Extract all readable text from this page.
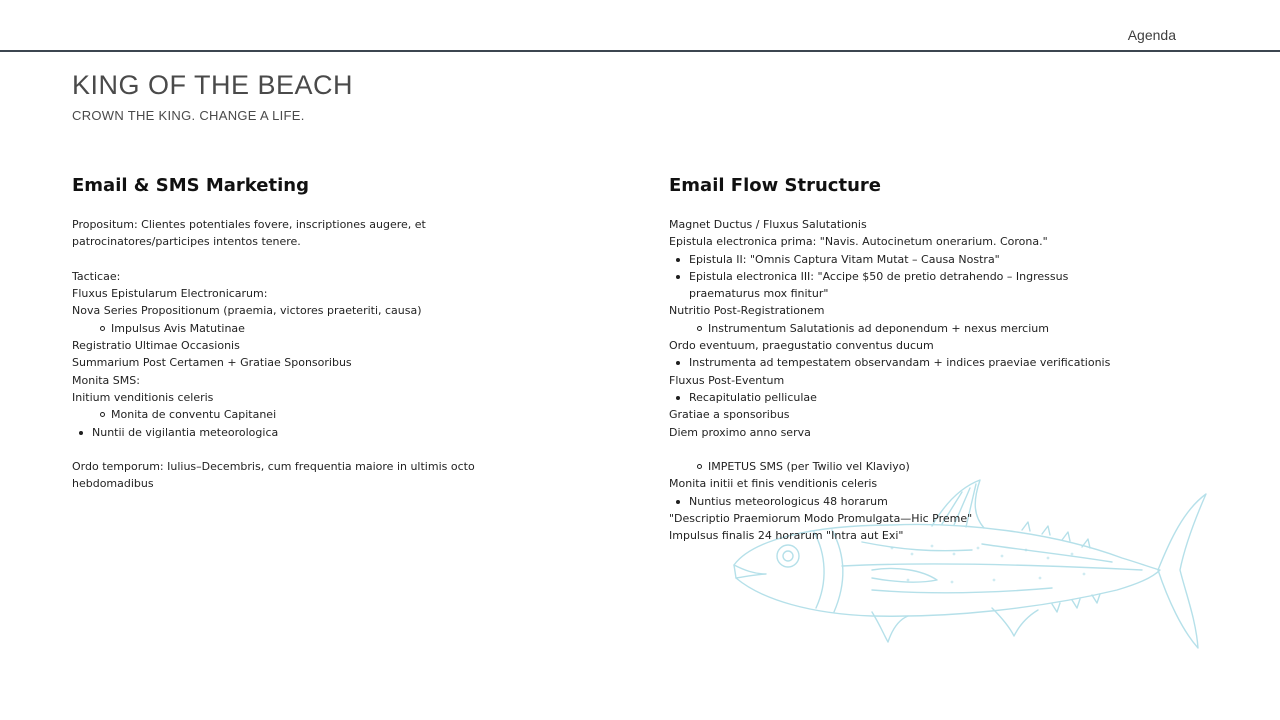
Agenda
KING OF THE BEACH

CROWN THE KING. CHANGE A LIFE.

Email & SMS Marketing
Propositum: Clientes potentiales fovere, inscriptiones augere, et patrocinatores/participes intentos tenere.
Tacticae:
Fluxus Epistularum Electronicarum:
Nova Series Propositionum (praemia, victores praeteriti, causa)
Impulsus Avis Matutinae
Registratio Ultimae Occasionis
Summarium Post Certamen + Gratiae Sponsoribus
Monita SMS:
Initium venditionis celeris
Monita de conventu Capitanei
Nuntii de vigilantia meteorologica
Ordo temporum: Iulius–Decembris, cum frequentia maiore in ultimis octo hebdomadibus
Email Flow Structure
Magnet Ductus / Fluxus Salutationis
Epistula electronica prima: "Navis. Autocinetum onerarium. Corona."
Epistula II: "Omnis Captura Vitam Mutat – Causa Nostra"
Epistula electronica III: "Accipe $50 de pretio detrahendo – Ingressus praematurus mox finitur"
Nutritio Post-Registrationem
Instrumentum Salutationis ad deponendum + nexus mercium
Ordo eventuum, praegustatio conventus ducum
Instrumenta ad tempestatem observandam + indices praeviae verificationis
Fluxus Post-Eventum
Recapitulatio pelliculae
Gratiae a sponsoribus
Diem proximo anno serva
IMPETUS SMS (per Twilio vel Klaviyo)
Monita initii et finis venditionis celeris
Nuntius meteorologicus 48 horarum
"Descriptio Praemiorum Modo Promulgata—Hic Preme"
Impulsus finalis 24 horarum "Intra aut Exi"
